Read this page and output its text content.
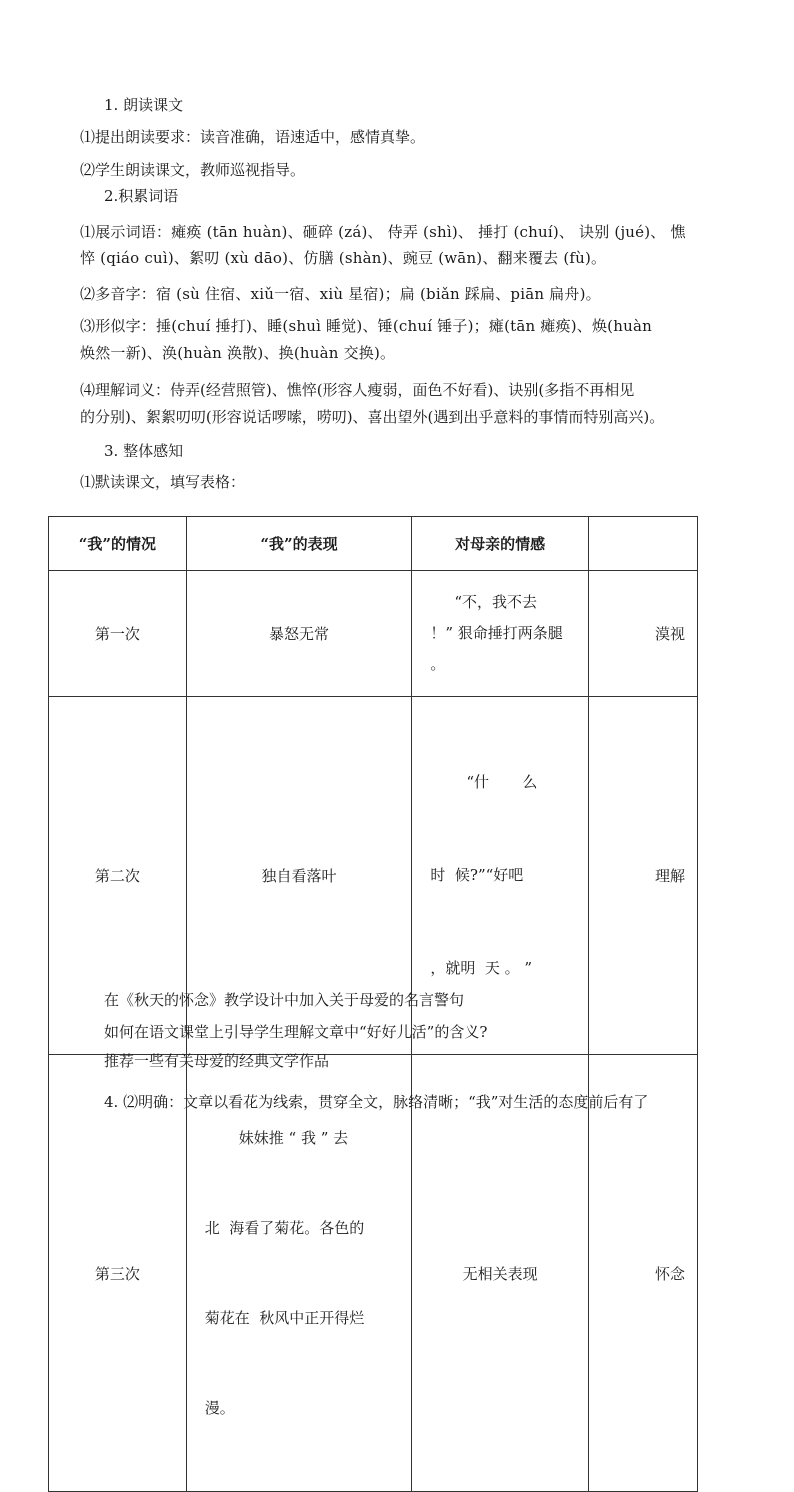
1. 朗读课文
⑴提出朗读要求：读音准确，语速适中，感情真挚。
⑵学生朗读课文，教师巡视指导。
2.积累词语
⑴展示词语：瘫痪 (tān huàn)、砸碎 (zá)、 侍弄 (shì)、 捶打 (chuí)、 诀别 (jué)、 憔
悴 (qiáo cuì)、絮叨 (xù dāo)、仿膳 (shàn)、豌豆 (wān)、翻来覆去 (fù)。
⑵多音字：宿 (sù 住宿、xiǔ一宿、xiù 星宿)；扁 (biǎn 踩扁、piān 扁舟)。
⑶形似字：捶(chuí 捶打)、睡(shuì 睡觉)、锤(chuí 锤子)；瘫(tān 瘫痪)、焕(huàn
焕然一新)、涣(huàn 涣散)、换(huàn 交换)。
⑷理解词义：侍弄(经营照管)、憔悴(形容人瘦弱，面色不好看)、诀别(多指不再相见
的分别)、絮絮叨叨(形容说话啰嗦，唠叨)、喜出望外(遇到出乎意料的事情而特别高兴)。
3. 整体感知
⑴默读课文，填写表格：
“我”的情况	“我”的表现	对母亲的情感	
第一次	暴怒无常	“不，我不去
！” 狠命捶打两条腿
。	漠视
第二次	独自看落叶	“什       么

时  候?”“好吧

，就明  天 。 ”	理解
第三次	妹妹推 “ 我 ” 去

北  海看了菊花。各色的

菊花在  秋风中正开得烂

漫。	无相关表现	怀念
在《秋天的怀念》教学设计中加入关于母爱的名言警句
如何在语文课堂上引导学生理解文章中“好好儿活”的含义?
推荐一些有关母爱的经典文学作品
4. ⑵明确：文章以看花为线索，贯穿全文，脉络清晰；“我”对生活的态度前后有了
